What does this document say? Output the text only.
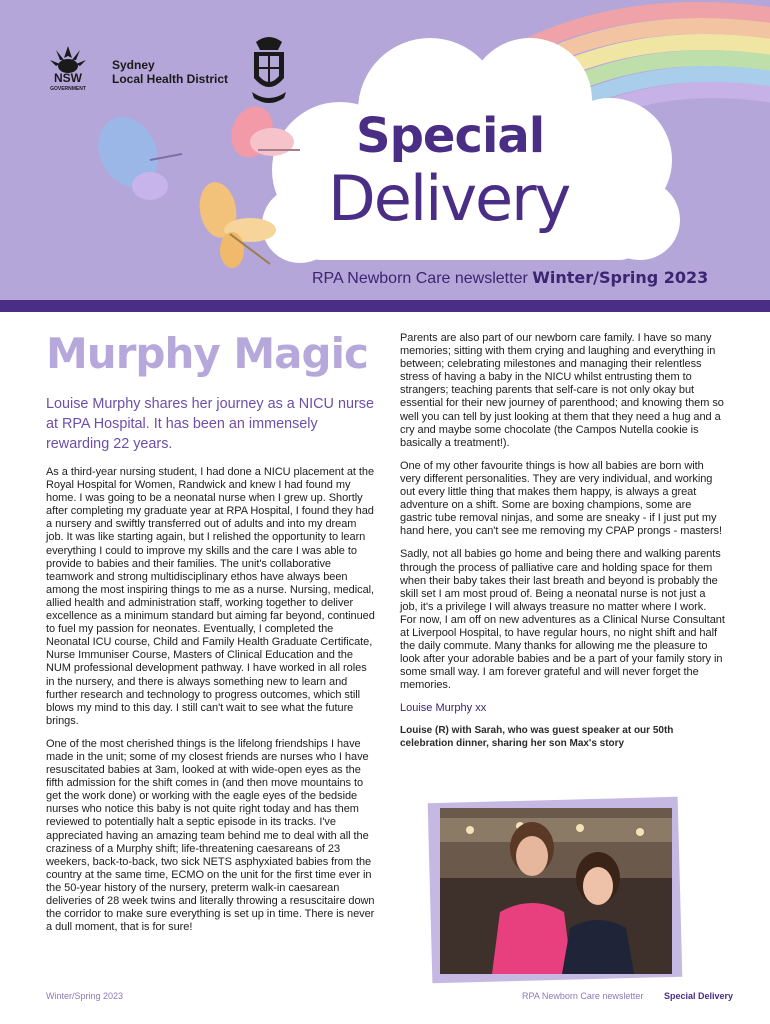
NSW
GOVERNMENT
Sydney
Local Health District
Special
Delivery
RPA Newborn Care newsletter Winter/Spring 2023
Murphy Magic

Louise Murphy shares her journey as a NICU nurse at RPA Hospital. It has been an immensely rewarding 22 years.

As a third-year nursing student, I had done a NICU placement at the Royal Hospital for Women, Randwick and knew I had found my home. I was going to be a neonatal nurse when I grew up. Shortly after completing my graduate year at RPA Hospital, I found they had a nursery and swiftly transferred out of adults and into my dream job. It was like starting again, but I relished the opportunity to learn everything I could to improve my skills and the care I was able to provide to babies and their families. The unit's collaborative teamwork and strong multidisciplinary ethos have always been among the most inspiring things to me as a nurse. Nursing, medical, allied health and administration staff, working together to deliver excellence as a minimum standard but aiming far beyond, continued to fuel my passion for neonates. Eventually, I completed the Neonatal ICU course, Child and Family Health Graduate Certificate, Nurse Immuniser Course, Masters of Clinical Education and the NUM professional development pathway. I have worked in all roles in the nursery, and there is always something new to learn and further research and technology to progress outcomes, which still blows my mind to this day. I still can't wait to see what the future brings.

One of the most cherished things is the lifelong friendships I have made in the unit; some of my closest friends are nurses who I have resuscitated babies at 3am, looked at with wide-open eyes as the fifth admission for the shift comes in (and then move mountains to get the work done) or working with the eagle eyes of the bedside nurses who notice this baby is not quite right today and has them reviewed to potentially halt a septic episode in its tracks. I've appreciated having an amazing team behind me to deal with all the craziness of a Murphy shift; life-threatening caesareans of 23 weekers, back-to-back, two sick NETS asphyxiated babies from the country at the same time, ECMO on the unit for the first time ever in the 50-year history of the nursery, preterm walk-in caesarean deliveries of 28 week twins and literally throwing a resuscitaire down the corridor to make sure everything is set up in time. There is never a dull moment, that is for sure!

Parents are also part of our newborn care family. I have so many memories; sitting with them crying and laughing and everything in between; celebrating milestones and managing their relentless stress of having a baby in the NICU whilst entrusting them to strangers; teaching parents that self-care is not only okay but essential for their new journey of parenthood; and knowing them so well you can tell by just looking at them that they need a hug and a cry and maybe some chocolate (the Campos Nutella cookie is basically a treatment!).

One of my other favourite things is how all babies are born with very different personalities. They are very individual, and working out every little thing that makes them happy, is always a great adventure on a shift. Some are boxing champions, some are gastric tube removal ninjas, and some are sneaky - if I just put my hand here, you can't see me removing my CPAP prongs - masters!

Sadly, not all babies go home and being there and walking parents through the process of palliative care and holding space for them when their baby takes their last breath and beyond is probably the skill set I am most proud of. Being a neonatal nurse is not just a job, it's a privilege I will always treasure no matter where I work. For now, I am off on new adventures as a Clinical Nurse Consultant at Liverpool Hospital, to have regular hours, no night shift and half the daily commute. Many thanks for allowing me the pleasure to look after your adorable babies and be a part of your family story in some small way. I am forever grateful and will never forget the memories.

Louise Murphy xx

Louise (R) with Sarah, who was guest speaker at our 50th celebration dinner, sharing her son Max's story

Winter/Spring 2023	RPA Newborn Care newsletter Special Delivery
